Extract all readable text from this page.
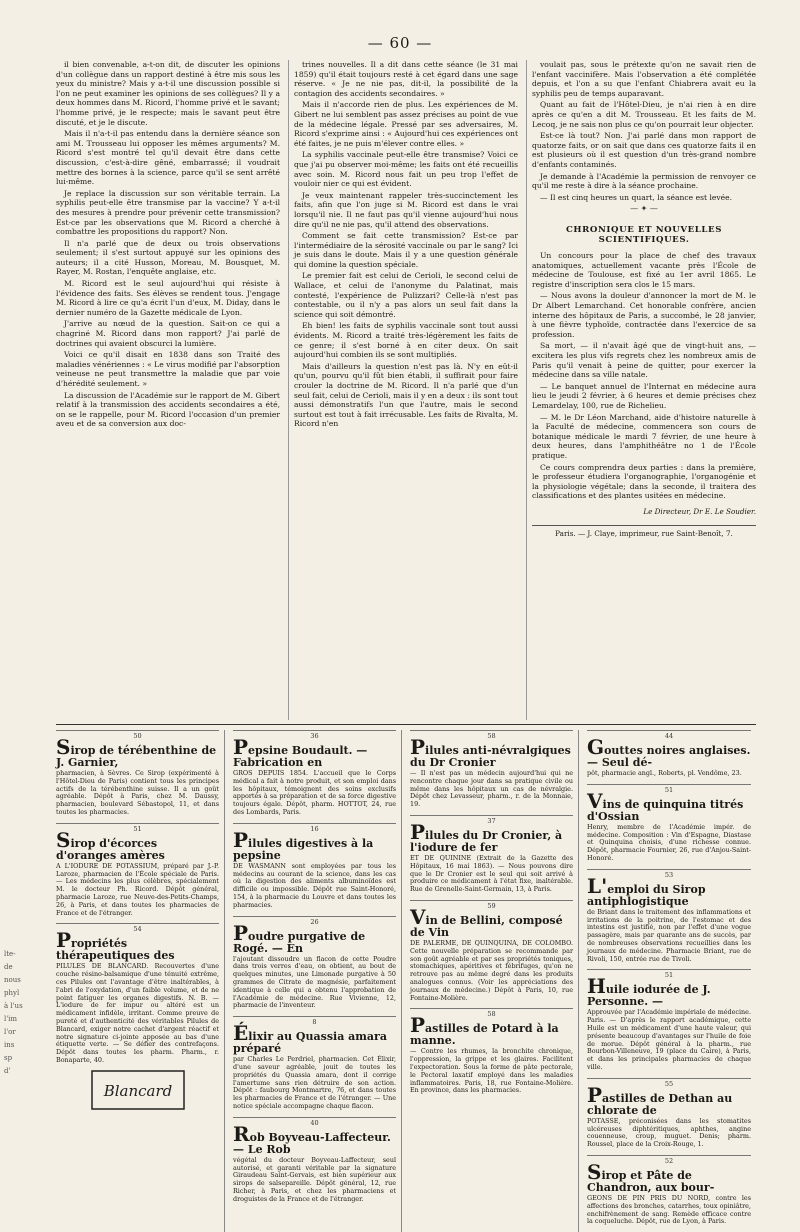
— 60 —

il bien convenable, a-t-on dit, de discuter les opinions d'un collègue dans un rapport destiné à être mis sous les yeux du ministre? Mais y a-t-il une discussion possible si l'on ne peut examiner les opinions de ses collègues? Il y a deux hommes dans M. Ricord, l'homme privé et le savant; l'homme privé, je le respecte; mais le savant peut être discuté, et je le discute.

Mais il n'a-t-il pas entendu dans la dernière séance son ami M. Trousseau lui opposer les mêmes arguments? M. Ricord s'est montré tel qu'il devait être dans cette discussion, c'est-à-dire gêné, embarrassé; il voudrait mettre des bornes à la science, parce qu'il se sent arrêté lui-même.

Je replace la discussion sur son véritable terrain. La syphilis peut-elle être transmise par la vaccine? Y a-t-il des mesures à prendre pour prévenir cette transmission? Est-ce par les observations que M. Ricord a cherché à combattre les propositions du rapport? Non.

Il n'a parlé que de deux ou trois observations seulement; il s'est surtout appuyé sur les opinions des auteurs; il a cité Husson, Moreau, M. Bousquet, M. Rayer, M. Rostan, l'enquête anglaise, etc.

M. Ricord est le seul aujourd'hui qui résiste à l'évidence des faits. Ses élèves se rendent tous. J'engage M. Ricord à lire ce qu'a écrit l'un d'eux, M. Diday, dans le dernier numéro de la Gazette médicale de Lyon.

J'arrive au nœud de la question. Sait-on ce qui a chagriné M. Ricord dans mon rapport? J'ai parlé de doctrines qui avaient obscurci la lumière.

Voici ce qu'il disait en 1838 dans son Traité des maladies vénériennes : « Le virus modifié par l'absorption veineuse ne peut transmettre la maladie que par voie d'hérédité seulement. »

La discussion de l'Académie sur le rapport de M. Gibert relatif à la transmission des accidents secondaires a été, on se le rappelle, pour M. Ricord l'occasion d'un premier aveu et de sa conversion aux doc-

trines nouvelles. Il a dit dans cette séance (le 31 mai 1859) qu'il était toujours resté à cet égard dans une sage réserve. « Je ne nie pas, dit-il, la possibilité de la contagion des accidents secondaires. »

Mais il n'accorde rien de plus. Les expériences de M. Gibert ne lui semblent pas assez précises au point de vue de la médecine légale. Pressé par ses adversaires, M. Ricord s'exprime ainsi : « Aujourd'hui ces expériences ont été faites, je ne puis m'élever contre elles. »

La syphilis vaccinale peut-elle être transmise? Voici ce que j'ai pu observer moi-même; les faits ont été recueillis avec soin. M. Ricord nous fait un peu trop l'effet de vouloir nier ce qui est évident.

Je veux maintenant rappeler très-succinctement les faits, afin que l'on juge si M. Ricord est dans le vrai lorsqu'il nie. Il ne faut pas qu'il vienne aujourd'hui nous dire qu'il ne nie pas, qu'il attend des observations.

Comment se fait cette transmission? Est-ce par l'intermédiaire de la sérosité vaccinale ou par le sang? Ici je suis dans le doute. Mais il y a une question générale qui domine la question spéciale.

Le premier fait est celui de Cerioli, le second celui de Wallace, et celui de l'anonyme du Palatinat, mais contesté, l'expérience de Pulizzari? Celle-là n'est pas contestable, ou il n'y a pas alors un seul fait dans la science qui soit démontré.

Eh bien! les faits de syphilis vaccinale sont tout aussi évidents. M. Ricord a traité très-légèrement les faits de ce genre; il s'est borné à en citer deux. On sait aujourd'hui combien ils se sont multipliés.

Mais d'ailleurs la question n'est pas là. N'y en eût-il qu'un, pourvu qu'il fût bien établi, il suffirait pour faire crouler la doctrine de M. Ricord. Il n'a parlé que d'un seul fait, celui de Cerioli, mais il y en a deux : ils sont tout aussi démonstratifs l'un que l'autre, mais le second surtout est tout à fait irrécusable. Les faits de Rivalta, M. Ricord n'en

voulait pas, sous le prétexte qu'on ne savait rien de l'enfant vaccinifère. Mais l'observation a été complétée depuis, et l'on a su que l'enfant Chiabrera avait eu la syphilis peu de temps auparavant.

Quant au fait de l'Hôtel-Dieu, je n'ai rien à en dire après ce qu'en a dit M. Trousseau. Et les faits de M. Lecoq, je ne sais non plus ce qu'on pourrait leur objecter.

Est-ce là tout? Non. J'ai parlé dans mon rapport de quatorze faits, or on sait que dans ces quatorze faits il en est plusieurs où il est question d'un très-grand nombre d'enfants contaminés.

Je demande à l'Académie la permission de renvoyer ce qu'il me reste à dire à la séance prochaine.

— Il est cinq heures un quart, la séance est levée.

— ✦ —
CHRONIQUE ET NOUVELLES SCIENTIFIQUES.

Un concours pour la place de chef des travaux anatomiques, actuellement vacante près l'École de médecine de Toulouse, est fixé au 1er avril 1865. Le registre d'inscription sera clos le 15 mars.

— Nous avons la douleur d'annoncer la mort de M. le Dr Albert Lemarchand. Cet honorable confrère, ancien interne des hôpitaux de Paris, a succombé, le 28 janvier, à une fièvre typhoïde, contractée dans l'exercice de sa profession.

Sa mort, — il n'avait âgé que de vingt-huit ans, — excitera les plus vifs regrets chez les nombreux amis de Paris qu'il venait à peine de quitter, pour exercer la médecine dans sa ville natale.

— Le banquet annuel de l'Internat en médecine aura lieu le jeudi 2 février, à 6 heures et demie précises chez Lemardelay, 100, rue de Richelieu.

— M. le Dr Léon Marchand, aide d'histoire naturelle à la Faculté de médecine, commencera son cours de botanique médicale le mardi 7 février, de une heure à deux heures, dans l'amphithéâtre no 1 de l'École pratique.

Ce cours comprendra deux parties : dans la première, le professeur étudiera l'organographie, l'organogénie et la physiologie végétale; dans la seconde, il traitera des classifications et des plantes usitées en médecine.

Le Directeur, Dr E. Le Soudier.
Paris. — J. Claye, imprimeur, rue Saint-Benoît, 7.
50
Sirop de térébenthine de J. Garnier,

pharmacien, à Sèvres. Ce Sirop (expérimenté à l'Hôtel-Dieu de Paris) contient tous les principes actifs de la térébenthine suisse. Il a un goût agréable. Dépôt à Paris, chez M. Daussy, pharmacien, boulevard Sébastopol, 11, et dans toutes les pharmacies.

51
Sirop d'écorces d'oranges amères

A L'IODURE DE POTASSIUM, préparé par J.-P. Laroze, pharmacien de l'École spéciale de Paris. — Les médecins les plus célèbres, spécialement M. le docteur Ph. Ricord. Dépôt général, pharmacie Laroze, rue Neuve-des-Petits-Champs, 26, à Paris, et dans toutes les pharmacies de France et de l'étranger.

54
Propriétés thérapeutiques des

PILULES DE BLANCARD. Recouvertes d'une couche résino-balsamique d'une ténuité extrême, ces Pilules ont l'avantage d'être inaltérables, à l'abri de l'oxydation, d'un faible volume, et de ne point fatiguer les organes digestifs. N. B. — L'iodure de fer impur ou altéré est un médicament infidèle, irritant. Comme preuve de pureté et d'authenticité des véritables Pilules de Blancard, exiger notre cachet d'argent réactif et notre signature ci-jointe apposée au bas d'une étiquette verte. — Se défier des contrefaçons. Dépôt dans toutes les pharm. Pharm., r. Bonaparte, 40.

Blancard
36
Pepsine Boudault. — Fabrication en

GROS DEPUIS 1854. L'accueil que le Corps médical a fait à notre produit, et son emploi dans les hôpitaux, témoignent des soins exclusifs apportés à sa préparation et de sa force digestive toujours égale. Dépôt, pharm. HOTTOT, 24, rue des Lombards, Paris.

16
Pilules digestives à la pepsine

DE WASMANN sont employées par tous les médecins au courant de la science, dans les cas où la digestion des aliments albuminoïdes est difficile ou impossible. Dépôt rue Saint-Honoré, 154, à la pharmacie du Louvre et dans toutes les pharmacies.

26
Poudre purgative de Rogé. — En

l'ajoutant dissoudre un flacon de cette Poudre dans trois verres d'eau, on obtient, au bout de quelques minutes, une Limonade purgative à 50 grammes de Citrate de magnésie, parfaitement identique à celle qui a obtenu l'approbation de l'Académie de médecine. Rue Vivienne, 12, pharmacie de l'inventeur.

8
Élixir au Quassia amara préparé

par Charles Le Perdriel, pharmacien. Cet Élixir, d'une saveur agréable, jouit de toutes les propriétés du Quassia amara, dont il corrige l'amertume sans rien détruire de son action. Dépôt : faubourg Montmartre, 76, et dans toutes les pharmacies de France et de l'étranger. — Une notice spéciale accompagne chaque flacon.

40
Rob Boyveau-Laffecteur. — Le Rob

végétal du docteur Boyveau-Laffecteur, seul autorisé, et garanti véritable par la signature Giraudeau Saint-Gervais, est bien supérieur aux sirops de salsepareille. Dépôt général, 12, rue Richer, à Paris, et chez les pharmaciens et droguistes de la France et de l'étranger.

58
Pilules anti-névralgiques du Dr Cronier

— Il n'est pas un médecin aujourd'hui qui ne rencontre chaque jour dans sa pratique civile ou même dans les hôpitaux un cas de névralgie. Dépôt chez Levasseur, pharm., r. de la Monnaie, 19.

37
Pilules du Dr Cronier, à l'iodure de fer

ET DE QUININE (Extrait de la Gazette des Hôpitaux, 16 mai 1863). — Nous pouvons dire que le Dr Cronier est le seul qui soit arrivé à produire ce médicament à l'état fixe, inaltérable. Rue de Grenelle-Saint-Germain, 13, à Paris.

59
Vin de Bellini, composé de Vin

DE PALERME, DE QUINQUINA, DE COLOMBO. Cette nouvelle préparation se recommande par son goût agréable et par ses propriétés toniques, stomachiques, apéritives et fébrifuges, qu'on ne retrouve pas au même degré dans les produits analogues connus. (Voir les appréciations des journaux de médecine.) Dépôt à Paris, 10, rue Fontaine-Molière.

58
Pastilles de Potard à la manne.

— Contre les rhumes, la bronchite chronique, l'oppression, la grippe et les glaires. Facilitent l'expectoration. Sous la forme de pâte pectorale, le Pectoral laxatif employé dans les maladies inflammatoires. Paris, 18, rue Fontaine-Molière. En province, dans les pharmacies.

44
Gouttes noires anglaises. — Seul dé-

pôt, pharmacie angl., Roberts, pl. Vendôme, 23.

51
Vins de quinquina titrés d'Ossian

Henry, membre de l'Académie impér. de médecine. Composition : Vin d'Espagne, Diastase et Quinquina choisis, d'une richesse connue. Dépôt, pharmacie Fournier, 26, rue d'Anjou-Saint-Honoré.

53
L'emploi du Sirop antiphlogistique

de Briant dans le traitement des inflammations et irritations de la poitrine, de l'estomac et des intestins est justifié, non par l'effet d'une vogue passagère, mais par quarante ans de succès, par de nombreuses observations recueillies dans les journaux de médecine. Pharmacie Briant, rue de Rivoli, 150, entrée rue de Tivoli.

51
Huile iodurée de J. Personne. —

Approuvée par l'Académie impériale de médecine. Paris. — D'après le rapport académique, cette Huile est un médicament d'une haute valeur, qui présente beaucoup d'avantages sur l'huile de foie de morue. Dépôt général à la pharm., rue Bourbon-Villeneuve, 19 (place du Caire), à Paris, et dans les principales pharmacies de chaque ville.

55
Pastilles de Dethan au chlorate de

POTASSE, préconisées dans les stomatites ulcéreuses diphtéritiques, aphthes, angine couenneuse, croup, muguet. Denis; pharm. Roussel, place de la Croix-Rouge, 1.

52
Sirop et Pâte de Chandron, aux bour-

GEONS DE PIN PRIS DU NORD, contre les affections des bronches, catarrhes, toux opiniâtre, enchifrènement de sang. Remède efficace contre la coqueluche. Dépôt, rue de Lyon, à Paris.

lte-
de
nous
phyl
à l'us
l'im
l'or
ins
sp
d'
